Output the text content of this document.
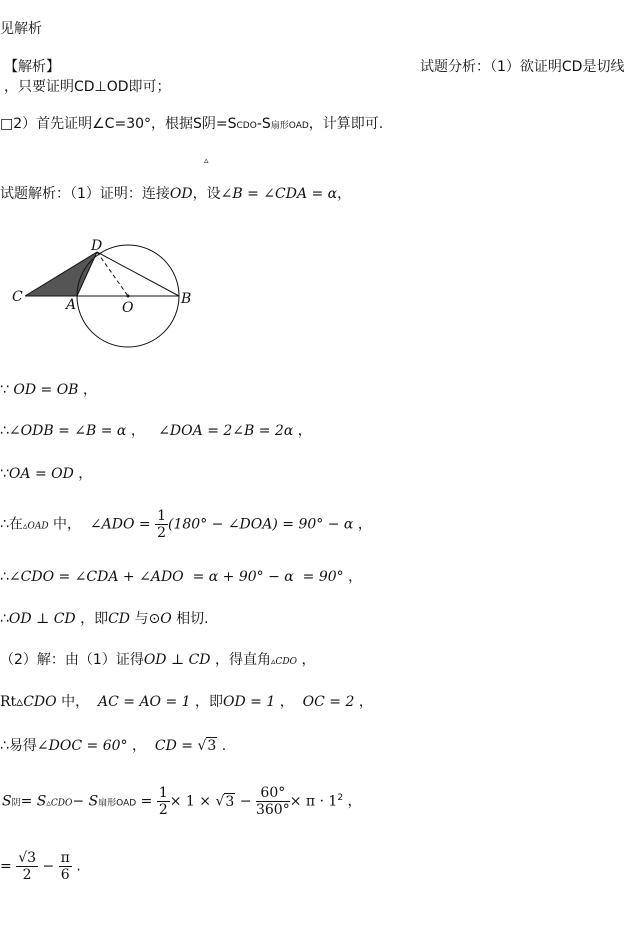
见解析
【解析】	试题分析：（1）欲证明CD是切线
，只要证明CD⊥OD即可；
□2）首先证明∠C=30°，根据S阴=SCDO-S扇形OAD，计算即可.
▵
试题解析：（1）证明：连接OD，设∠B = ∠CDA = α，
D
C	A	O
B
∵ OD = OB ，
∴∠ODB = ∠B = α ， ∠DOA = 2∠B = 2α ，
∵OA = OD ，
∴在▵OAD 中， ∠ADO = $\frac{1}{2} (180^\circ$ − ∠DOA) = 90° − α ，
∴∠CDO = ∠CDA + ∠ADO = α + 90° − α = 90° ，
∴OD ⊥ CD ，即CD 与⊙O 相切.
（2）解：由（1）证得OD ⊥ CD ，得直角▵CDO ，
Rt▵CDO 中， AC = AO = 1 ，即OD = 1 ， OC = 2 ，
∴易得∠DOC = 60° ， CD = √3 .
S阴= S▵CDO− S扇形OAD = $\frac{1}{2} \times 1 \times √3 - \frac{60^\circ}{360^\circ} \times \pi \cdot 1^2$ ，
= $\frac{√3}{2} - \frac{\pi}{6}$ .
